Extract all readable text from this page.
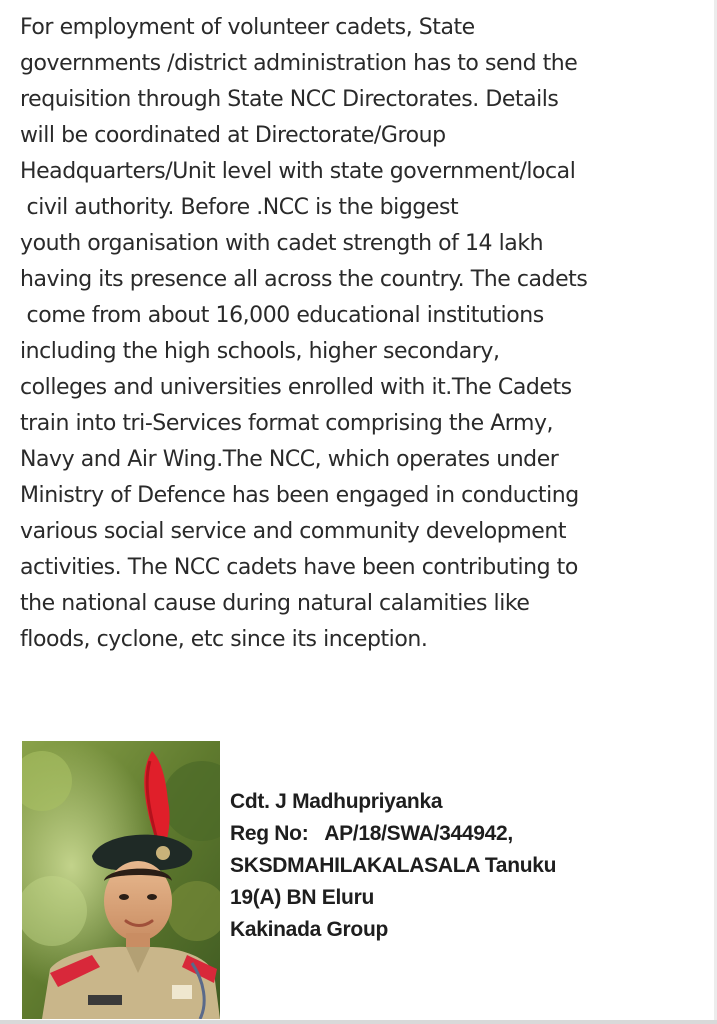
For employment of volunteer cadets, State
governments /district administration has to send the
requisition through State NCC Directorates. Details
will be coordinated at Directorate/Group
Headquarters/Unit level with state government/local
civil authority. Before .NCC is the biggest
youth organisation with cadet strength of 14 lakh
having its presence all across the country. The cadets
come from about 16,000 educational institutions
including the high schools, higher secondary,
colleges and universities enrolled with it.The Cadets
train into tri-Services format comprising the Army,
Navy and Air Wing.The NCC, which operates under
Ministry of Defence has been engaged in conducting
various social service and community development
activities. The NCC cadets have been contributing to
the national cause during natural calamities like
floods, cyclone, etc since its inception.
Cdt. J Madhupriyanka
Reg No:   AP/18/SWA/344942,
SKSDMAHILAKALASALA Tanuku
19(A) BN Eluru
Kakinada Group
